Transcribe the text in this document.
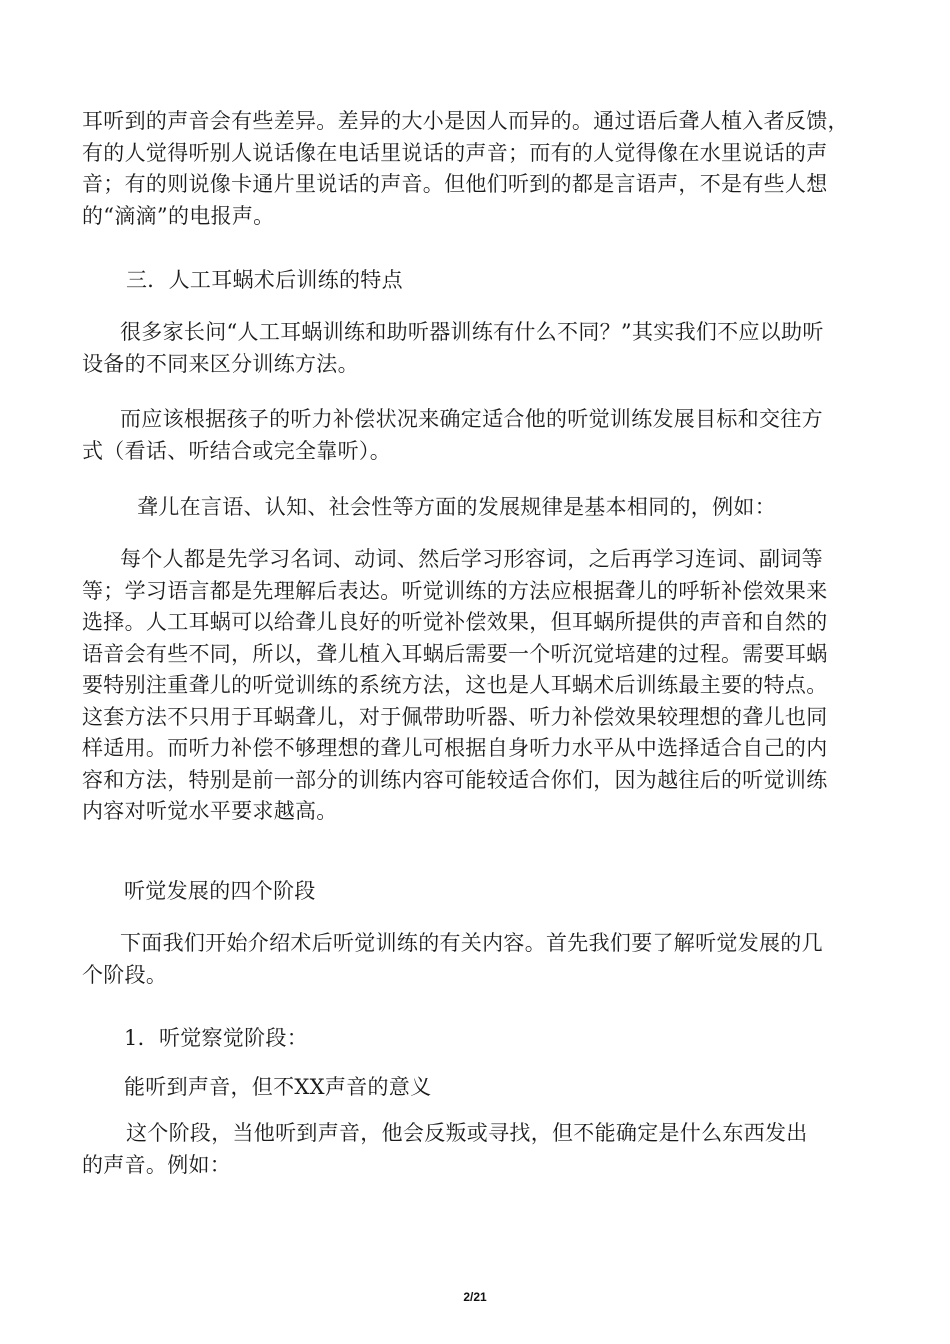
耳听到的声音会有些差异。差异的大小是因人而异的。通过语后聋人植入者反馈，
有的人觉得听别人说话像在电话里说话的声音；而有的人觉得像在水里说话的声
音；有的则说像卡通片里说话的声音。但他们听到的都是言语声，不是有些人想
的“滴滴”的电报声。
三．人工耳蜗术后训练的特点
很多家长问“人工耳蜗训练和助听器训练有什么不同？”其实我们不应以助听
设备的不同来区分训练方法。
而应该根据孩子的听力补偿状况来确定适合他的听觉训练发展目标和交往方
式（看话、听结合或完全靠听）。
聋儿在言语、认知、社会性等方面的发展规律是基本相同的，例如：
每个人都是先学习名词、动词、然后学习形容词，之后再学习连词、副词等
等；学习语言都是先理解后表达。听觉训练的方法应根据聋儿的呼斩补偿效果来
选择。人工耳蜗可以给聋儿良好的听觉补偿效果，但耳蜗所提供的声音和自然的
语音会有些不同，所以，聋儿植入耳蜗后需要一个听沉觉培建的过程。需要耳蜗
要特别注重聋儿的听觉训练的系统方法，这也是人耳蜗术后训练最主要的特点。
这套方法不只用于耳蜗聋儿，对于佩带助听器、听力补偿效果较理想的聋儿也同
样适用。而听力补偿不够理想的聋儿可根据自身听力水平从中选择适合自己的内
容和方法，特别是前一部分的训练内容可能较适合你们，因为越往后的听觉训练
内容对听觉水平要求越高。
听觉发展的四个阶段
下面我们开始介绍术后听觉训练的有关内容。首先我们要了解听觉发展的几
个阶段。
1．听觉察觉阶段：
能听到声音，但不XX声音的意义
这个阶段，当他听到声音，他会反叛或寻找，但不能确定是什么东西发出
的声音。例如：
2/21
